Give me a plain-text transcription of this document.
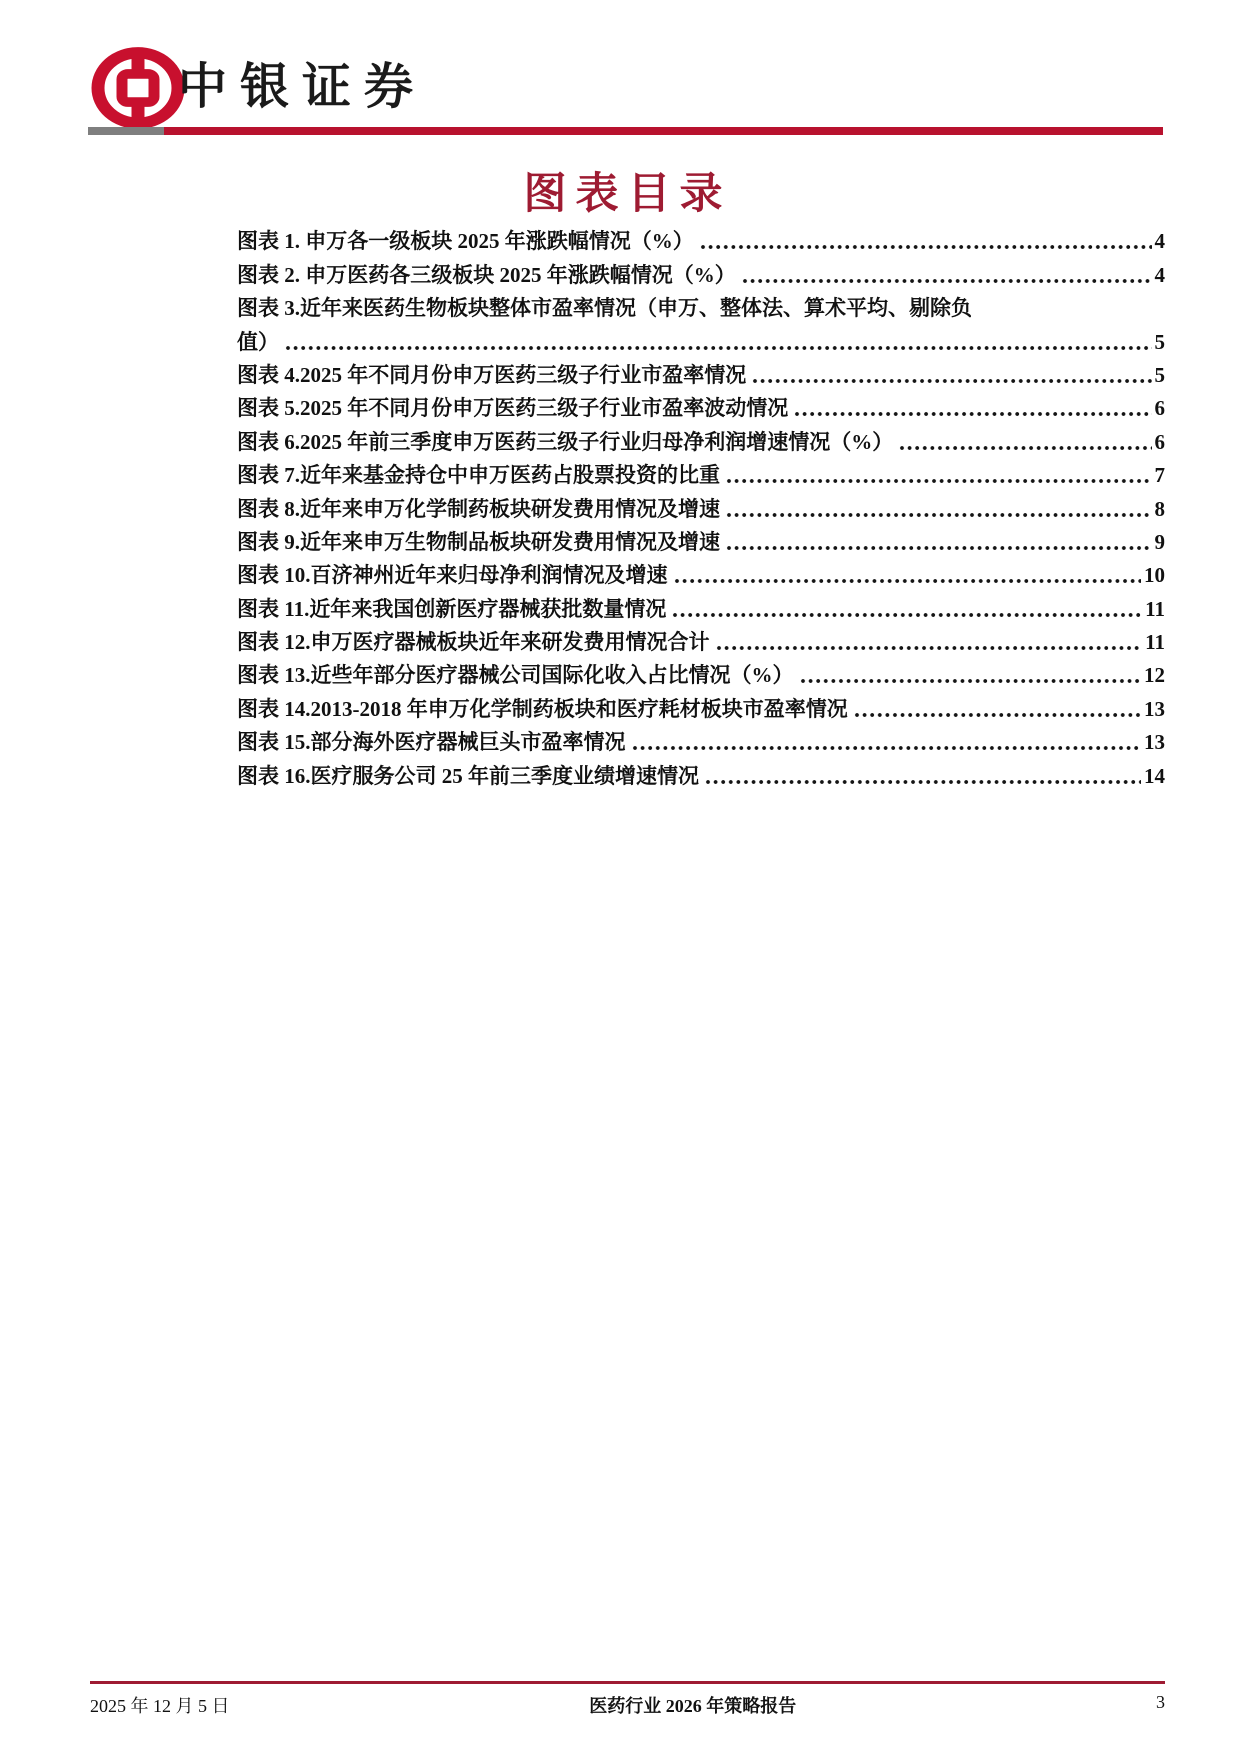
中银证券
图表目录
图表 1. 申万各一级板块 2025 年涨跌幅情况（%）	4
图表 2. 申万医药各三级板块 2025 年涨跌幅情况（%）	4
图表 3.近年来医药生物板块整体市盈率情况（申万、整体法、算术平均、剔除负
值）	5
图表 4.2025 年不同月份申万医药三级子行业市盈率情况	5
图表 5.2025 年不同月份申万医药三级子行业市盈率波动情况	6
图表 6.2025 年前三季度申万医药三级子行业归母净利润增速情况（%）	6
图表 7.近年来基金持仓中申万医药占股票投资的比重	7
图表 8.近年来申万化学制药板块研发费用情况及增速	8
图表 9.近年来申万生物制品板块研发费用情况及增速	9
图表 10.百济神州近年来归母净利润情况及增速	10
图表 11.近年来我国创新医疗器械获批数量情况	11
图表 12.申万医疗器械板块近年来研发费用情况合计	11
图表 13.近些年部分医疗器械公司国际化收入占比情况（%）	12
图表 14.2013-2018 年申万化学制药板块和医疗耗材板块市盈率情况	13
图表 15.部分海外医疗器械巨头市盈率情况	13
图表 16.医疗服务公司 25 年前三季度业绩增速情况	14
2025 年 12 月 5 日	医药行业 2026 年策略报告	3
